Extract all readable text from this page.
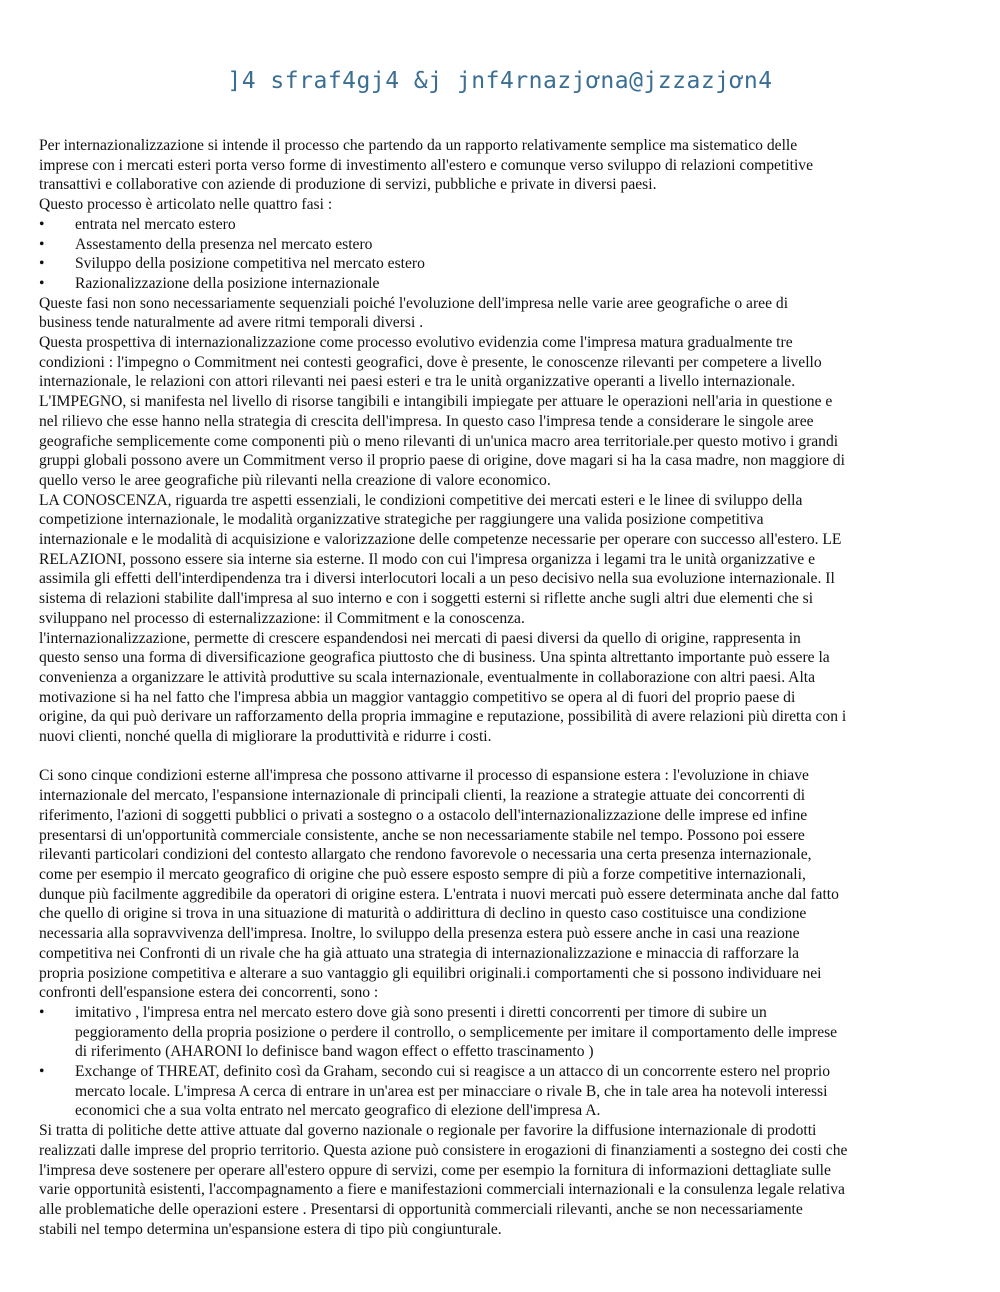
]4 sfraf4gj4 &j jnf4rnazjơna@jzzazjơn4
Per internazionalizzazione si intende il processo che partendo da un rapporto relativamente semplice ma sistematico delle
imprese con i mercati esteri porta verso forme di investimento all'estero e comunque verso sviluppo di relazioni competitive
transattivi e collaborative con aziende di produzione di servizi, pubbliche e private in diversi paesi.
Questo processo è articolato nelle quattro fasi :
• entrata nel mercato estero
• Assestamento della presenza nel mercato estero
• Sviluppo della posizione competitiva nel mercato estero
• Razionalizzazione della posizione internazionale
Queste fasi non sono necessariamente sequenziali poiché l'evoluzione dell'impresa nelle varie aree geografiche o aree di
business tende naturalmente ad avere ritmi temporali diversi .
Questa prospettiva di internazionalizzazione come processo evolutivo evidenzia come l'impresa matura gradualmente tre
condizioni : l'impegno o Commitment nei contesti geografici, dove è presente, le conoscenze rilevanti per competere a livello
internazionale, le relazioni con attori rilevanti nei paesi esteri e tra le unità organizzative operanti a livello internazionale.
L'IMPEGNO, si manifesta nel livello di risorse tangibili e intangibili impiegate per attuare le operazioni nell'aria in questione e
nel rilievo che esse hanno nella strategia di crescita dell'impresa. In questo caso l'impresa tende a considerare le singole aree
geografiche semplicemente come componenti più o meno rilevanti di un'unica macro area territoriale.per questo motivo i grandi
gruppi globali possono avere un Commitment verso il proprio paese di origine, dove magari si ha la casa madre, non maggiore di
quello verso le aree geografiche più rilevanti nella creazione di valore economico.
LA CONOSCENZA, riguarda tre aspetti essenziali, le condizioni competitive dei mercati esteri e le linee di sviluppo della
competizione internazionale, le modalità organizzative strategiche per raggiungere una valida posizione competitiva
internazionale e le modalità di acquisizione e valorizzazione delle competenze necessarie per operare con successo all'estero. LE
RELAZIONI, possono essere sia interne sia esterne. Il modo con cui l'impresa organizza i legami tra le unità organizzative e
assimila gli effetti dell'interdipendenza tra i diversi interlocutori locali a un peso decisivo nella sua evoluzione internazionale. Il
sistema di relazioni stabilite dall'impresa al suo interno e con i soggetti esterni si riflette anche sugli altri due elementi che si
sviluppano nel processo di esternalizzazione: il Commitment e la conoscenza.
l'internazionalizzazione, permette di crescere espandendosi nei mercati di paesi diversi da quello di origine, rappresenta in
questo senso una forma di diversificazione geografica piuttosto che di business. Una spinta altrettanto importante può essere la
convenienza a organizzare le attività produttive su scala internazionale, eventualmente in collaborazione con altri paesi. Alta
motivazione si ha nel fatto che l'impresa abbia un maggior vantaggio competitivo se opera al di fuori del proprio paese di
origine, da qui può derivare un rafforzamento della propria immagine e reputazione, possibilità di avere relazioni più diretta con i
nuovi clienti, nonché quella di migliorare la produttività e ridurre i costi.
Ci sono cinque condizioni esterne all'impresa che possono attivarne il processo di espansione estera : l'evoluzione in chiave
internazionale del mercato, l'espansione internazionale di principali clienti, la reazione a strategie attuate dei concorrenti di
riferimento, l'azioni di soggetti pubblici o privati a sostegno o a ostacolo dell'internazionalizzazione delle imprese ed infine
presentarsi di un'opportunità commerciale consistente, anche se non necessariamente stabile nel tempo. Possono poi essere
rilevanti particolari condizioni del contesto allargato che rendono favorevole o necessaria una certa presenza internazionale,
come per esempio il mercato geografico di origine che può essere esposto sempre di più a forze competitive internazionali,
dunque più facilmente aggredibile da operatori di origine estera. L'entrata i nuovi mercati può essere determinata anche dal fatto
che quello di origine si trova in una situazione di maturità o addirittura di declino in questo caso costituisce una condizione
necessaria alla sopravvivenza dell'impresa. Inoltre, lo sviluppo della presenza estera può essere anche in casi una reazione
competitiva nei Confronti di un rivale che ha già attuato una strategia di internazionalizzazione e minaccia di rafforzare la
propria posizione competitiva e alterare a suo vantaggio gli equilibri originali.i comportamenti che si possono individuare nei
confronti dell'espansione estera dei concorrenti, sono :
• imitativo , l'impresa entra nel mercato estero dove già sono presenti i diretti concorrenti per timore di subire un
peggioramento della propria posizione o perdere il controllo, o semplicemente per imitare il comportamento delle imprese
di riferimento (AHARONI lo definisce band wagon effect o effetto trascinamento )
• Exchange of THREAT, definito così da Graham, secondo cui si reagisce a un attacco di un concorrente estero nel proprio
mercato locale. L'impresa A cerca di entrare in un'area est per minacciare o rivale B, che in tale area ha notevoli interessi
economici che a sua volta entrato nel mercato geografico di elezione dell'impresa A.
Si tratta di politiche dette attive attuate dal governo nazionale o regionale per favorire la diffusione internazionale di prodotti
realizzati dalle imprese del proprio territorio. Questa azione può consistere in erogazioni di finanziamenti a sostegno dei costi che
l'impresa deve sostenere per operare all'estero oppure di servizi, come per esempio la fornitura di informazioni dettagliate sulle
varie opportunità esistenti, l'accompagnamento a fiere e manifestazioni commerciali internazionali e la consulenza legale relativa
alle problematiche delle operazioni estere . Presentarsi di opportunità commerciali rilevanti, anche se non necessariamente
stabili nel tempo determina un'espansione estera di tipo più congiunturale.
